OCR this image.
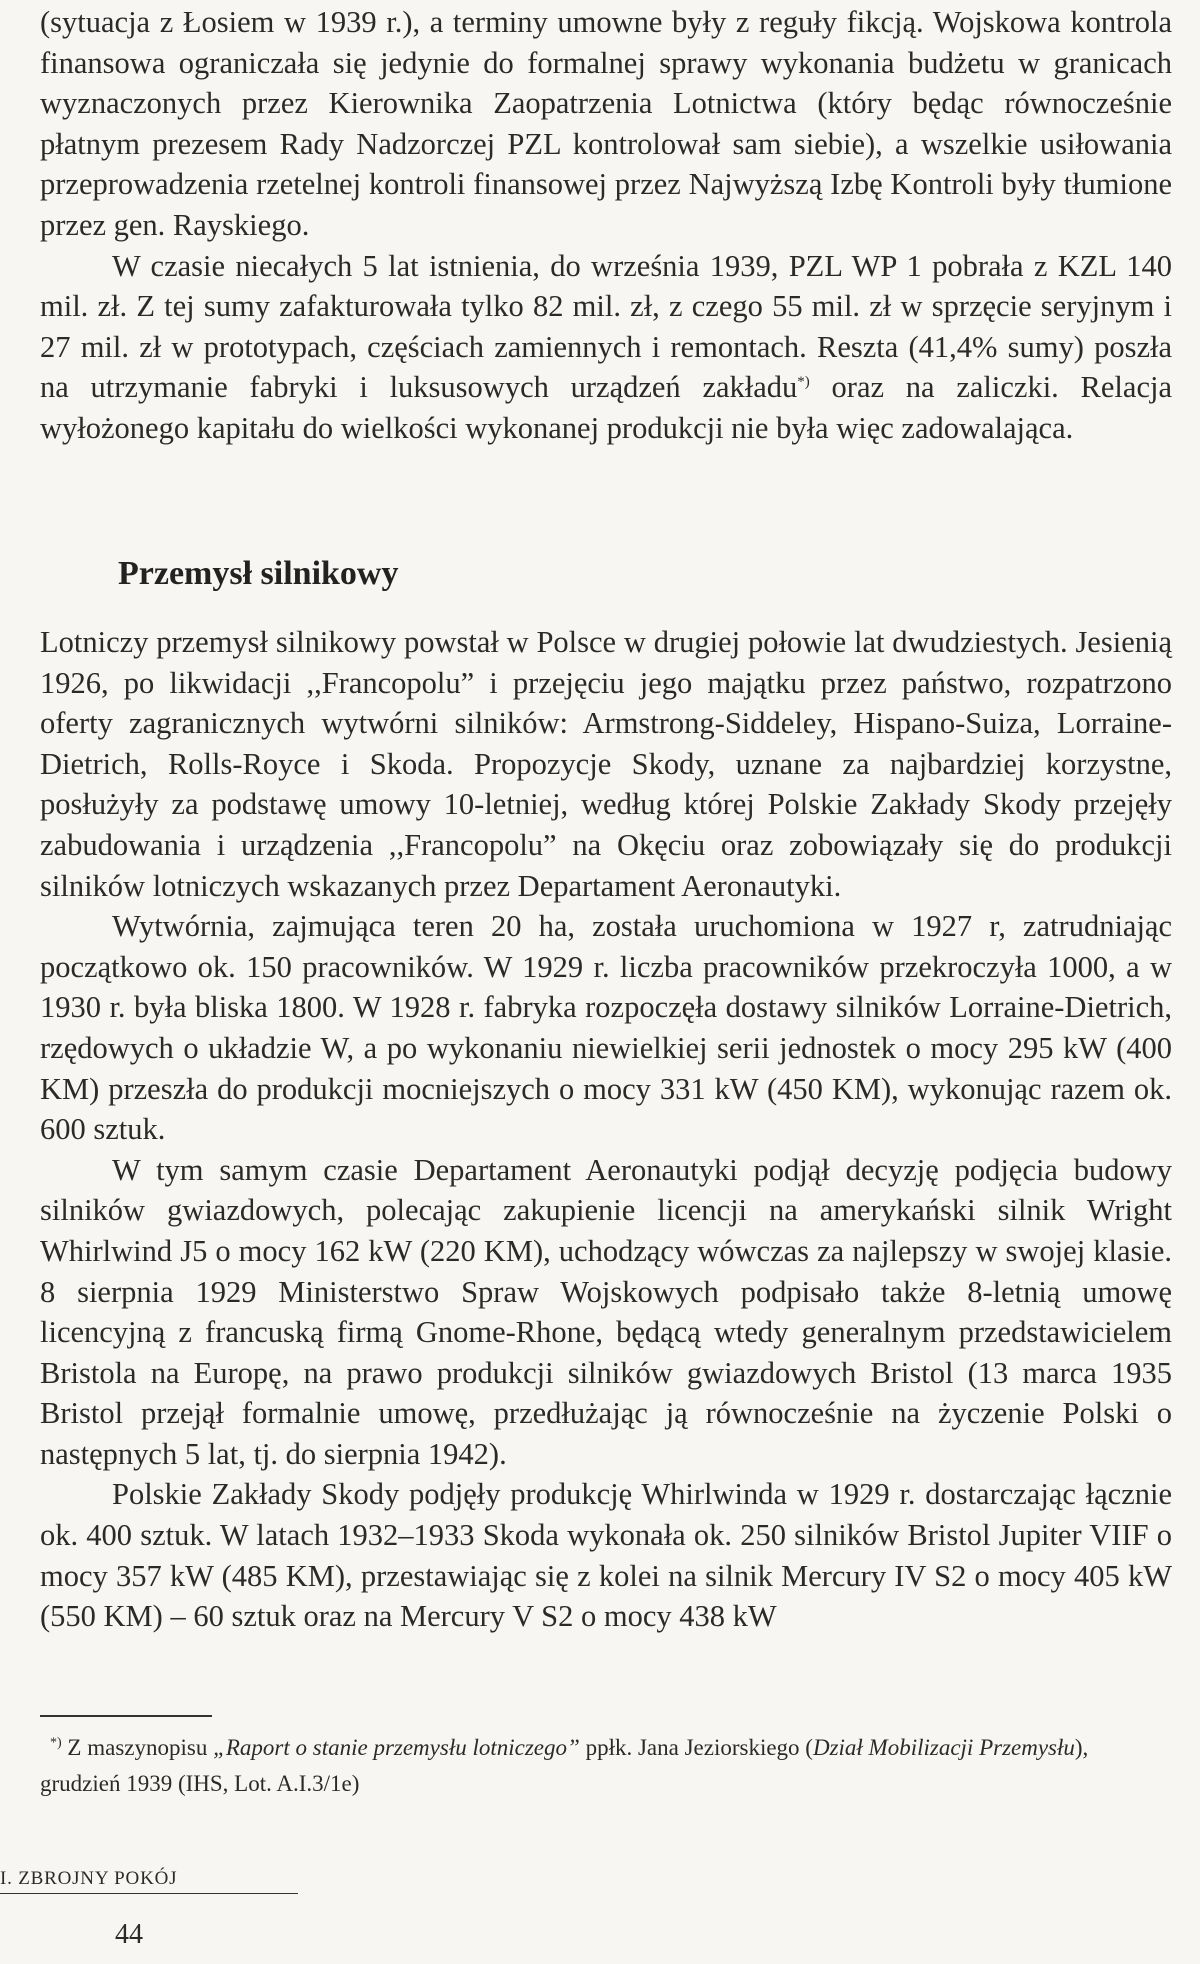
(sytuacja z Łosiem w 1939 r.), a terminy umowne były z reguły fikcją. Wojskowa kontrola finansowa ograniczała się jedynie do formalnej sprawy wykonania budżetu w granicach wyznaczonych przez Kierownika Zaopatrzenia Lotnictwa (który będąc równocześnie płatnym prezesem Rady Nadzorczej PZL kontrolował sam siebie), a wszelkie usiłowania przeprowadzenia rzetelnej kontroli finansowej przez Najwyższą Izbę Kontroli były tłumione przez gen. Rayskiego.

W czasie niecałych 5 lat istnienia, do września 1939, PZL WP 1 pobrała z KZL 140 mil. zł. Z tej sumy zafakturowała tylko 82 mil. zł, z czego 55 mil. zł w sprzęcie seryjnym i 27 mil. zł w prototypach, częściach zamiennych i remontach. Reszta (41,4% sumy) poszła na utrzymanie fabryki i luksusowych urządzeń zakładu*) oraz na zaliczki. Relacja wyłożonego kapitału do wielkości wykonanej produkcji nie była więc zadowalająca.

Przemysł silnikowy

Lotniczy przemysł silnikowy powstał w Polsce w drugiej połowie lat dwudziestych. Jesienią 1926, po likwidacji ,,Francopolu” i przejęciu jego majątku przez państwo, rozpatrzono oferty zagranicznych wytwórni silników: Armstrong-Siddeley, Hispano-Suiza, Lorraine-Dietrich, Rolls-Royce i Skoda. Propozycje Skody, uznane za najbardziej korzystne, posłużyły za podstawę umowy 10-letniej, według której Polskie Zakłady Skody przejęły zabudowania i urządzenia ,,Francopolu” na Okęciu oraz zobowiązały się do produkcji silników lotniczych wskazanych przez Departament Aeronautyki.

Wytwórnia, zajmująca teren 20 ha, została uruchomiona w 1927 r, zatrudniając początkowo ok. 150 pracowników. W 1929 r. liczba pracowników przekroczyła 1000, a w 1930 r. była bliska 1800. W 1928 r. fabryka rozpoczęła dostawy silników Lorraine-Dietrich, rzędowych o układzie W, a po wykonaniu niewielkiej serii jednostek o mocy 295 kW (400 KM) przeszła do produkcji mocniejszych o mocy 331 kW (450 KM), wykonując razem ok. 600 sztuk.

W tym samym czasie Departament Aeronautyki podjął decyzję podjęcia budowy silników gwiazdowych, polecając zakupienie licencji na amerykański silnik Wright Whirlwind J5 o mocy 162 kW (220 KM), uchodzący wówczas za najlepszy w swojej klasie. 8 sierpnia 1929 Ministerstwo Spraw Wojskowych podpisało także 8-letnią umowę licencyjną z francuską firmą Gnome-Rhone, będącą wtedy generalnym przedstawicielem Bristola na Europę, na prawo produkcji silników gwiazdowych Bristol (13 marca 1935 Bristol przejął formalnie umowę, przedłużając ją równocześnie na życzenie Polski o następnych 5 lat, tj. do sierpnia 1942).

Polskie Zakłady Skody podjęły produkcję Whirlwinda w 1929 r. dostarczając łącznie ok. 400 sztuk. W latach 1932–1933 Skoda wykonała ok. 250 silników Bristol Jupiter VIIF o mocy 357 kW (485 KM), przestawiając się z kolei na silnik Mercury IV S2 o mocy 405 kW (550 KM) – 60 sztuk oraz na Mercury V S2 o mocy 438 kW

*) Z maszynopisu „Raport o stanie przemysłu lotniczego” ppłk. Jana Jeziorskiego (Dział Mobilizacji Przemysłu), grudzień 1939 (IHS, Lot. A.I.3/1e)

I. ZBROJNY POKÓJ
44
